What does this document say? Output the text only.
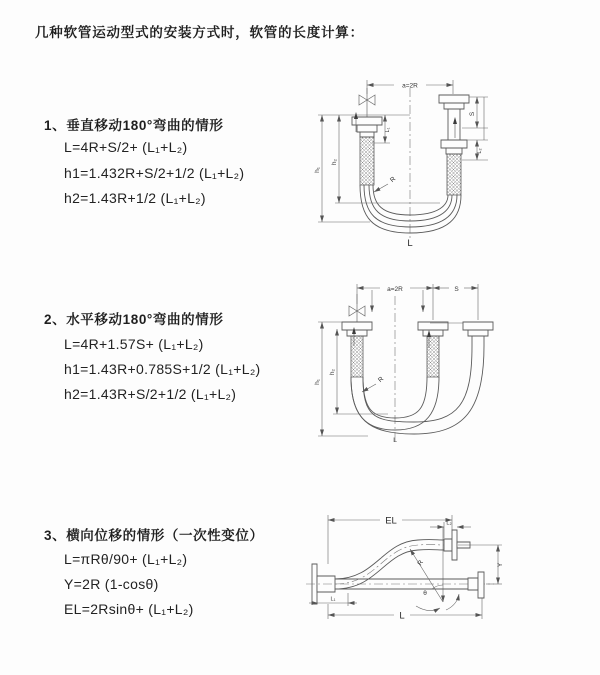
几种软管运动型式的安装方式时，软管的长度计算：
1、垂直移动180°弯曲的情形
L=4R+S/2+ (L₁+L₂)
h1=1.432R+S/2+1/2 (L₁+L₂)
h2=1.43R+1/2 (L₁+L₂)
a=2R
h₁
h₂
L₁
S
L₂
R
L
2、水平移动180°弯曲的情形
L=4R+1.57S+ (L₁+L₂)
h1=1.43R+0.785S+1/2 (L₁+L₂)
h2=1.43R+S/2+1/2 (L₁+L₂)
a=2R	S
h₁
h₂
R
L
3、横向位移的情形（一次性变位）
L=πRθ/90+ (L₁+L₂)
Y=2R (1-cosθ)
EL=2Rsinθ+ (L₁+L₂)
EL	L₂
Y
R
θ
L₁
L
